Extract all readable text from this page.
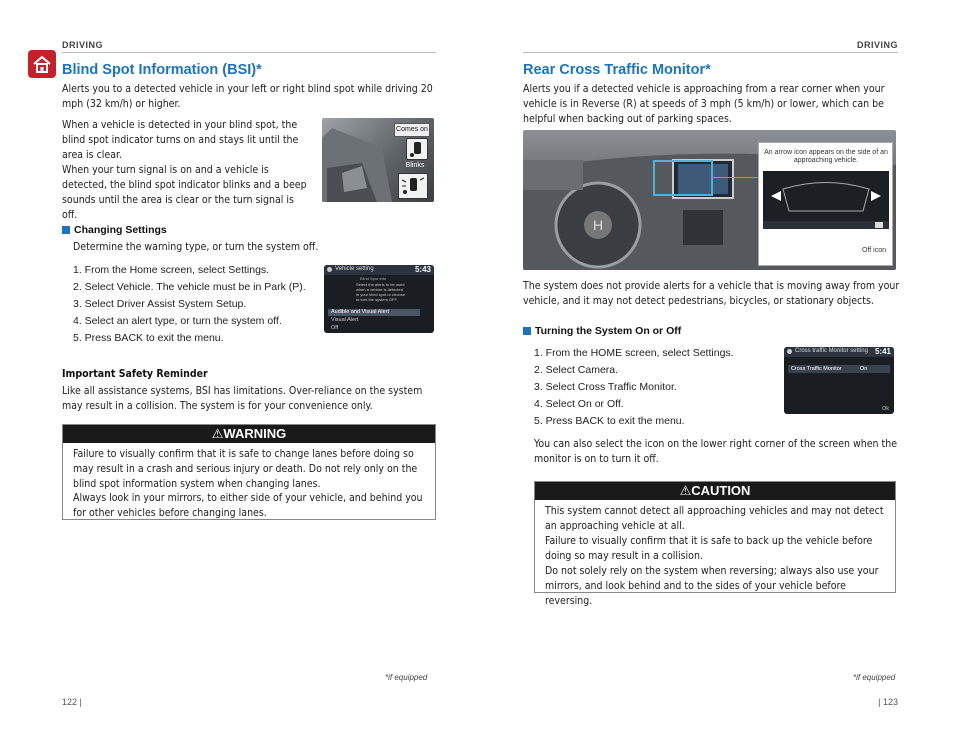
DRIVING
Blind Spot Information (BSI)*

Alerts you to a detected vehicle in your left or right blind spot while driving 20 mph (32 km/h) or higher.

When a vehicle is detected in your blind spot, the blind spot indicator turns on and stays lit until the area is clear.

When your turn signal is on and a vehicle is detected, the blind spot indicator blinks and a beep sounds until the area is clear or the turn signal is off.

Comes on
Blinks
Changing Settings

Determine the warning type, or turn the system off.

1. From the Home screen, select Settings.
2. Select Vehicle. The vehicle must be in Park (P).
3. Select Driver Assist System Setup.
4. Select an alert type, or turn the system off.
5. Press BACK to exit the menu.
Vehicle setting	5:43
Blind Spot Info
Select the alerts to be used when a vehicle is detected in your blind spot or choose to turn the system OFF.
Audible and Visual Alert
Visual Alert
Off
Important Safety Reminder

Like all assistance systems, BSI has limitations. Over-reliance on the system may result in a collision. The system is for your convenience only.

⚠WARNING

Failure to visually confirm that it is safe to change lanes before doing so may result in a crash and serious injury or death. Do not rely only on the blind spot information system when changing lanes.

Always look in your mirrors, to either side of your vehicle, and behind you for other vehicles before changing lanes.

*if equipped
122 |
DRIVING
Rear Cross Traffic Monitor*

Alerts you if a detected vehicle is approaching from a rear corner when your vehicle is in Reverse (R) at speeds of 3 mph (5 km/h) or lower, which can be helpful when backing out of parking spaces.

H
An arrow icon appears on the side of an approaching vehicle.
Off icon

The system does not provide alerts for a vehicle that is moving away from your vehicle, and it may not detect pedestrians, bicycles, or stationary objects.

Turning the System On or Off
1. From the HOME screen, select Settings.
2. Select Camera.
3. Select Cross Traffic Monitor.
4. Select On or Off.
5. Press BACK to exit the menu.
Cross traffic Monitor setting 5:41
Cross Traffic Monitor	On
Ok

You can also select the icon on the lower right corner of the screen when the monitor is on to turn it off.

⚠CAUTION

This system cannot detect all approaching vehicles and may not detect an approaching vehicle at all.

Failure to visually confirm that it is safe to back up the vehicle before doing so may result in a collision.

Do not solely rely on the system when reversing; always also use your mirrors, and look behind and to the sides of your vehicle before reversing.

*if equipped
| 123
